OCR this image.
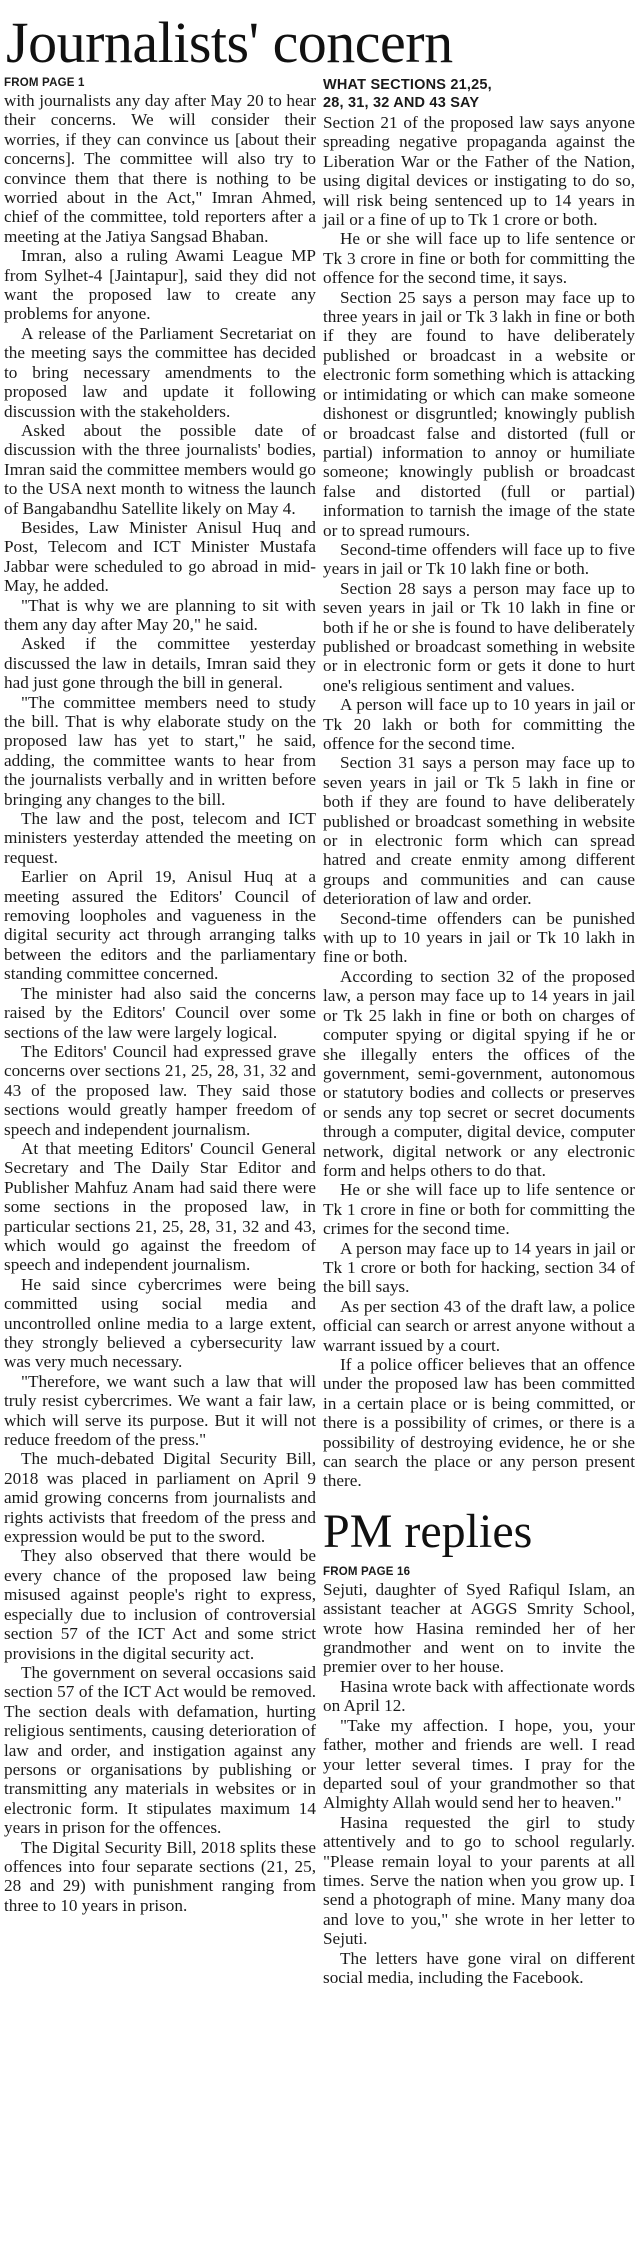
Journalists' concern
FROM PAGE 1

with journalists any day after May 20 to hear their concerns. We will consider their worries, if they can convince us [about their concerns]. The committee will also try to convince them that there is nothing to be worried about in the Act," Imran Ahmed, chief of the committee, told reporters after a meeting at the Jatiya Sangsad Bhaban.

Imran, also a ruling Awami League MP from Sylhet-4 [Jaintapur], said they did not want the proposed law to create any problems for anyone.

A release of the Parliament Secretariat on the meeting says the committee has decided to bring necessary amendments to the proposed law and update it following discussion with the stakeholders.

Asked about the possible date of discussion with the three journalists' bodies, Imran said the committee members would go to the USA next month to witness the launch of Bangabandhu Satellite likely on May 4.

Besides, Law Minister Anisul Huq and Post, Telecom and ICT Minister Mustafa Jabbar were scheduled to go abroad in mid-May, he added.

"That is why we are planning to sit with them any day after May 20," he said.

Asked if the committee yesterday discussed the law in details, Imran said they had just gone through the bill in general.

"The committee members need to study the bill. That is why elaborate study on the proposed law has yet to start," he said, adding, the committee wants to hear from the journalists verbally and in written before bringing any changes to the bill.

The law and the post, telecom and ICT ministers yesterday attended the meeting on request.

Earlier on April 19, Anisul Huq at a meeting assured the Editors' Council of removing loopholes and vagueness in the digital security act through arranging talks between the editors and the parliamentary standing committee concerned.

The minister had also said the concerns raised by the Editors' Council over some sections of the law were largely logical.

The Editors' Council had expressed grave concerns over sections 21, 25, 28, 31, 32 and 43 of the proposed law. They said those sections would greatly hamper freedom of speech and independent journalism.

At that meeting Editors' Council General Secretary and The Daily Star Editor and Publisher Mahfuz Anam had said there were some sections in the proposed law, in particular sections 21, 25, 28, 31, 32 and 43, which would go against the freedom of speech and independent journalism.

He said since cybercrimes were being committed using social media and uncontrolled online media to a large extent, they strongly believed a cybersecurity law was very much necessary.

"Therefore, we want such a law that will truly resist cybercrimes. We want a fair law, which will serve its purpose. But it will not reduce freedom of the press."

The much-debated Digital Security Bill, 2018 was placed in parliament on April 9 amid growing concerns from journalists and rights activists that freedom of the press and expression would be put to the sword.

They also observed that there would be every chance of the proposed law being misused against people's right to express, especially due to inclusion of controversial section 57 of the ICT Act and some strict provisions in the digital security act.

The government on several occasions said section 57 of the ICT Act would be removed. The section deals with defamation, hurting religious sentiments, causing deterioration of law and order, and instigation against any persons or organisations by publishing or transmitting any materials in websites or in electronic form. It stipulates maximum 14 years in prison for the offences.

The Digital Security Bill, 2018 splits these offences into four separate sections (21, 25, 28 and 29) with punishment ranging from three to 10 years in prison.

WHAT SECTIONS 21,25,
28, 31, 32 AND 43 SAY

Section 21 of the proposed law says anyone spreading negative propaganda against the Liberation War or the Father of the Nation, using digital devices or instigating to do so, will risk being sentenced up to 14 years in jail or a fine of up to Tk 1 crore or both.

He or she will face up to life sentence or Tk 3 crore in fine or both for committing the offence for the second time, it says.

Section 25 says a person may face up to three years in jail or Tk 3 lakh in fine or both if they are found to have deliberately published or broadcast in a website or electronic form something which is attacking or intimidating or which can make someone dishonest or disgruntled; knowingly publish or broadcast false and distorted (full or partial) information to annoy or humiliate someone; knowingly publish or broadcast false and distorted (full or partial) information to tarnish the image of the state or to spread rumours.

Second-time offenders will face up to five years in jail or Tk 10 lakh fine or both.

Section 28 says a person may face up to seven years in jail or Tk 10 lakh in fine or both if he or she is found to have deliberately published or broadcast something in website or in electronic form or gets it done to hurt one's religious sentiment and values.

A person will face up to 10 years in jail or Tk 20 lakh or both for committing the offence for the second time.

Section 31 says a person may face up to seven years in jail or Tk 5 lakh in fine or both if they are found to have deliberately published or broadcast something in website or in electronic form which can spread hatred and create enmity among different groups and communities and can cause deterioration of law and order.

Second-time offenders can be punished with up to 10 years in jail or Tk 10 lakh in fine or both.

According to section 32 of the proposed law, a person may face up to 14 years in jail or Tk 25 lakh in fine or both on charges of computer spying or digital spying if he or she illegally enters the offices of the government, semi-government, autonomous or statutory bodies and collects or preserves or sends any top secret or secret documents through a computer, digital device, computer network, digital network or any electronic form and helps others to do that.

He or she will face up to life sentence or Tk 1 crore in fine or both for committing the crimes for the second time.

A person may face up to 14 years in jail or Tk 1 crore or both for hacking, section 34 of the bill says.

As per section 43 of the draft law, a police official can search or arrest anyone without a warrant issued by a court.

If a police officer believes that an offence under the proposed law has been committed in a certain place or is being committed, or there is a possibility of crimes, or there is a possibility of destroying evidence, he or she can search the place or any person present there.

PM replies
FROM PAGE 16

Sejuti, daughter of Syed Rafiqul Islam, an assistant teacher at AGGS Smrity School, wrote how Hasina reminded her of her grandmother and went on to invite the premier over to her house.

Hasina wrote back with affectionate words on April 12.

"Take my affection. I hope, you, your father, mother and friends are well. I read your letter several times. I pray for the departed soul of your grandmother so that Almighty Allah would send her to heaven."

Hasina requested the girl to study attentively and to go to school regularly. "Please remain loyal to your parents at all times. Serve the nation when you grow up. I send a photograph of mine. Many many doa and love to you," she wrote in her letter to Sejuti.

The letters have gone viral on different social media, including the Facebook.
